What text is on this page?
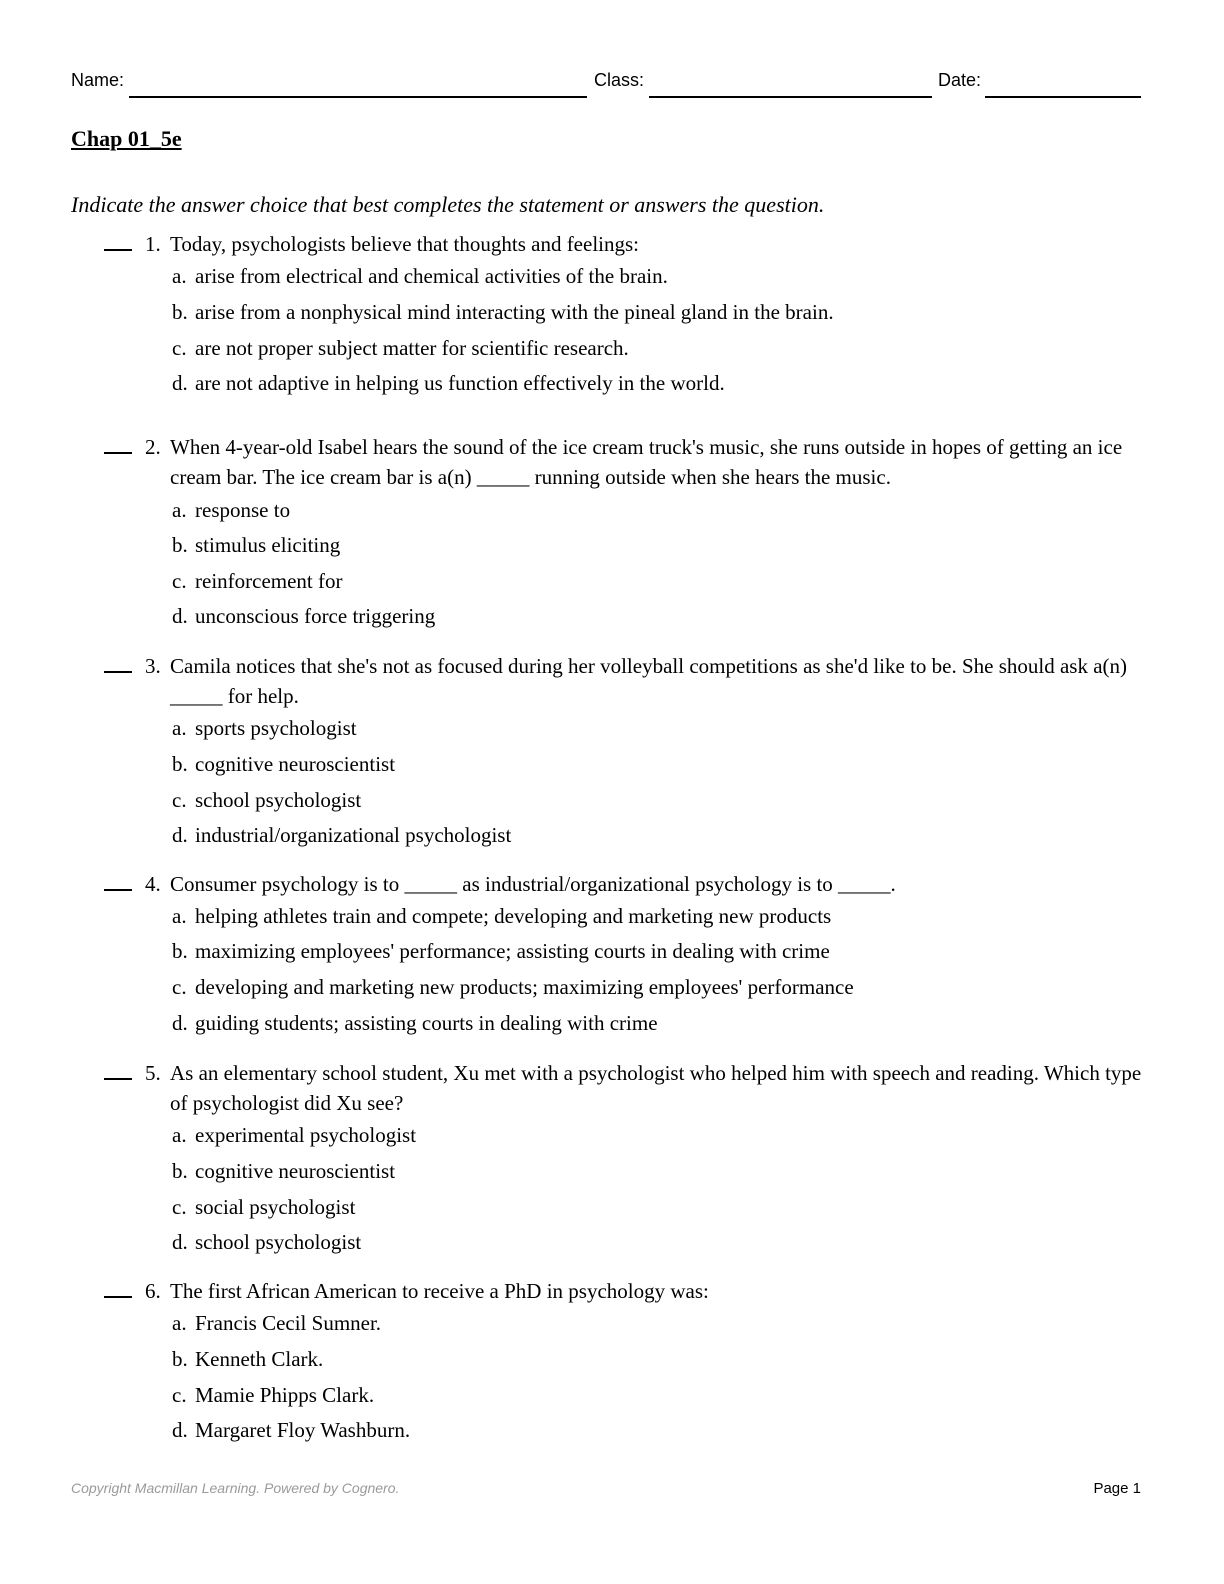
Name:	Class:	Date:
Chap 01_5e
Indicate the answer choice that best completes the statement or answers the question.
1. Today, psychologists believe that thoughts and feelings:
a. arise from electrical and chemical activities of the brain.
b. arise from a nonphysical mind interacting with the pineal gland in the brain.
c. are not proper subject matter for scientific research.
d. are not adaptive in helping us function effectively in the world.
2. When 4-year-old Isabel hears the sound of the ice cream truck's music, she runs outside in hopes of getting an ice cream bar. The ice cream bar is a(n) _____ running outside when she hears the music.
a. response to
b. stimulus eliciting
c. reinforcement for
d. unconscious force triggering
3. Camila notices that she's not as focused during her volleyball competitions as she'd like to be. She should ask a(n) _____ for help.
a. sports psychologist
b. cognitive neuroscientist
c. school psychologist
d. industrial/organizational psychologist
4. Consumer psychology is to _____ as industrial/organizational psychology is to _____.
a. helping athletes train and compete; developing and marketing new products
b. maximizing employees' performance; assisting courts in dealing with crime
c. developing and marketing new products; maximizing employees' performance
d. guiding students; assisting courts in dealing with crime
5. As an elementary school student, Xu met with a psychologist who helped him with speech and reading. Which type of psychologist did Xu see?
a. experimental psychologist
b. cognitive neuroscientist
c. social psychologist
d. school psychologist
6. The first African American to receive a PhD in psychology was:
a. Francis Cecil Sumner.
b. Kenneth Clark.
c. Mamie Phipps Clark.
d. Margaret Floy Washburn.
Copyright Macmillan Learning. Powered by Cognero.	Page 1
